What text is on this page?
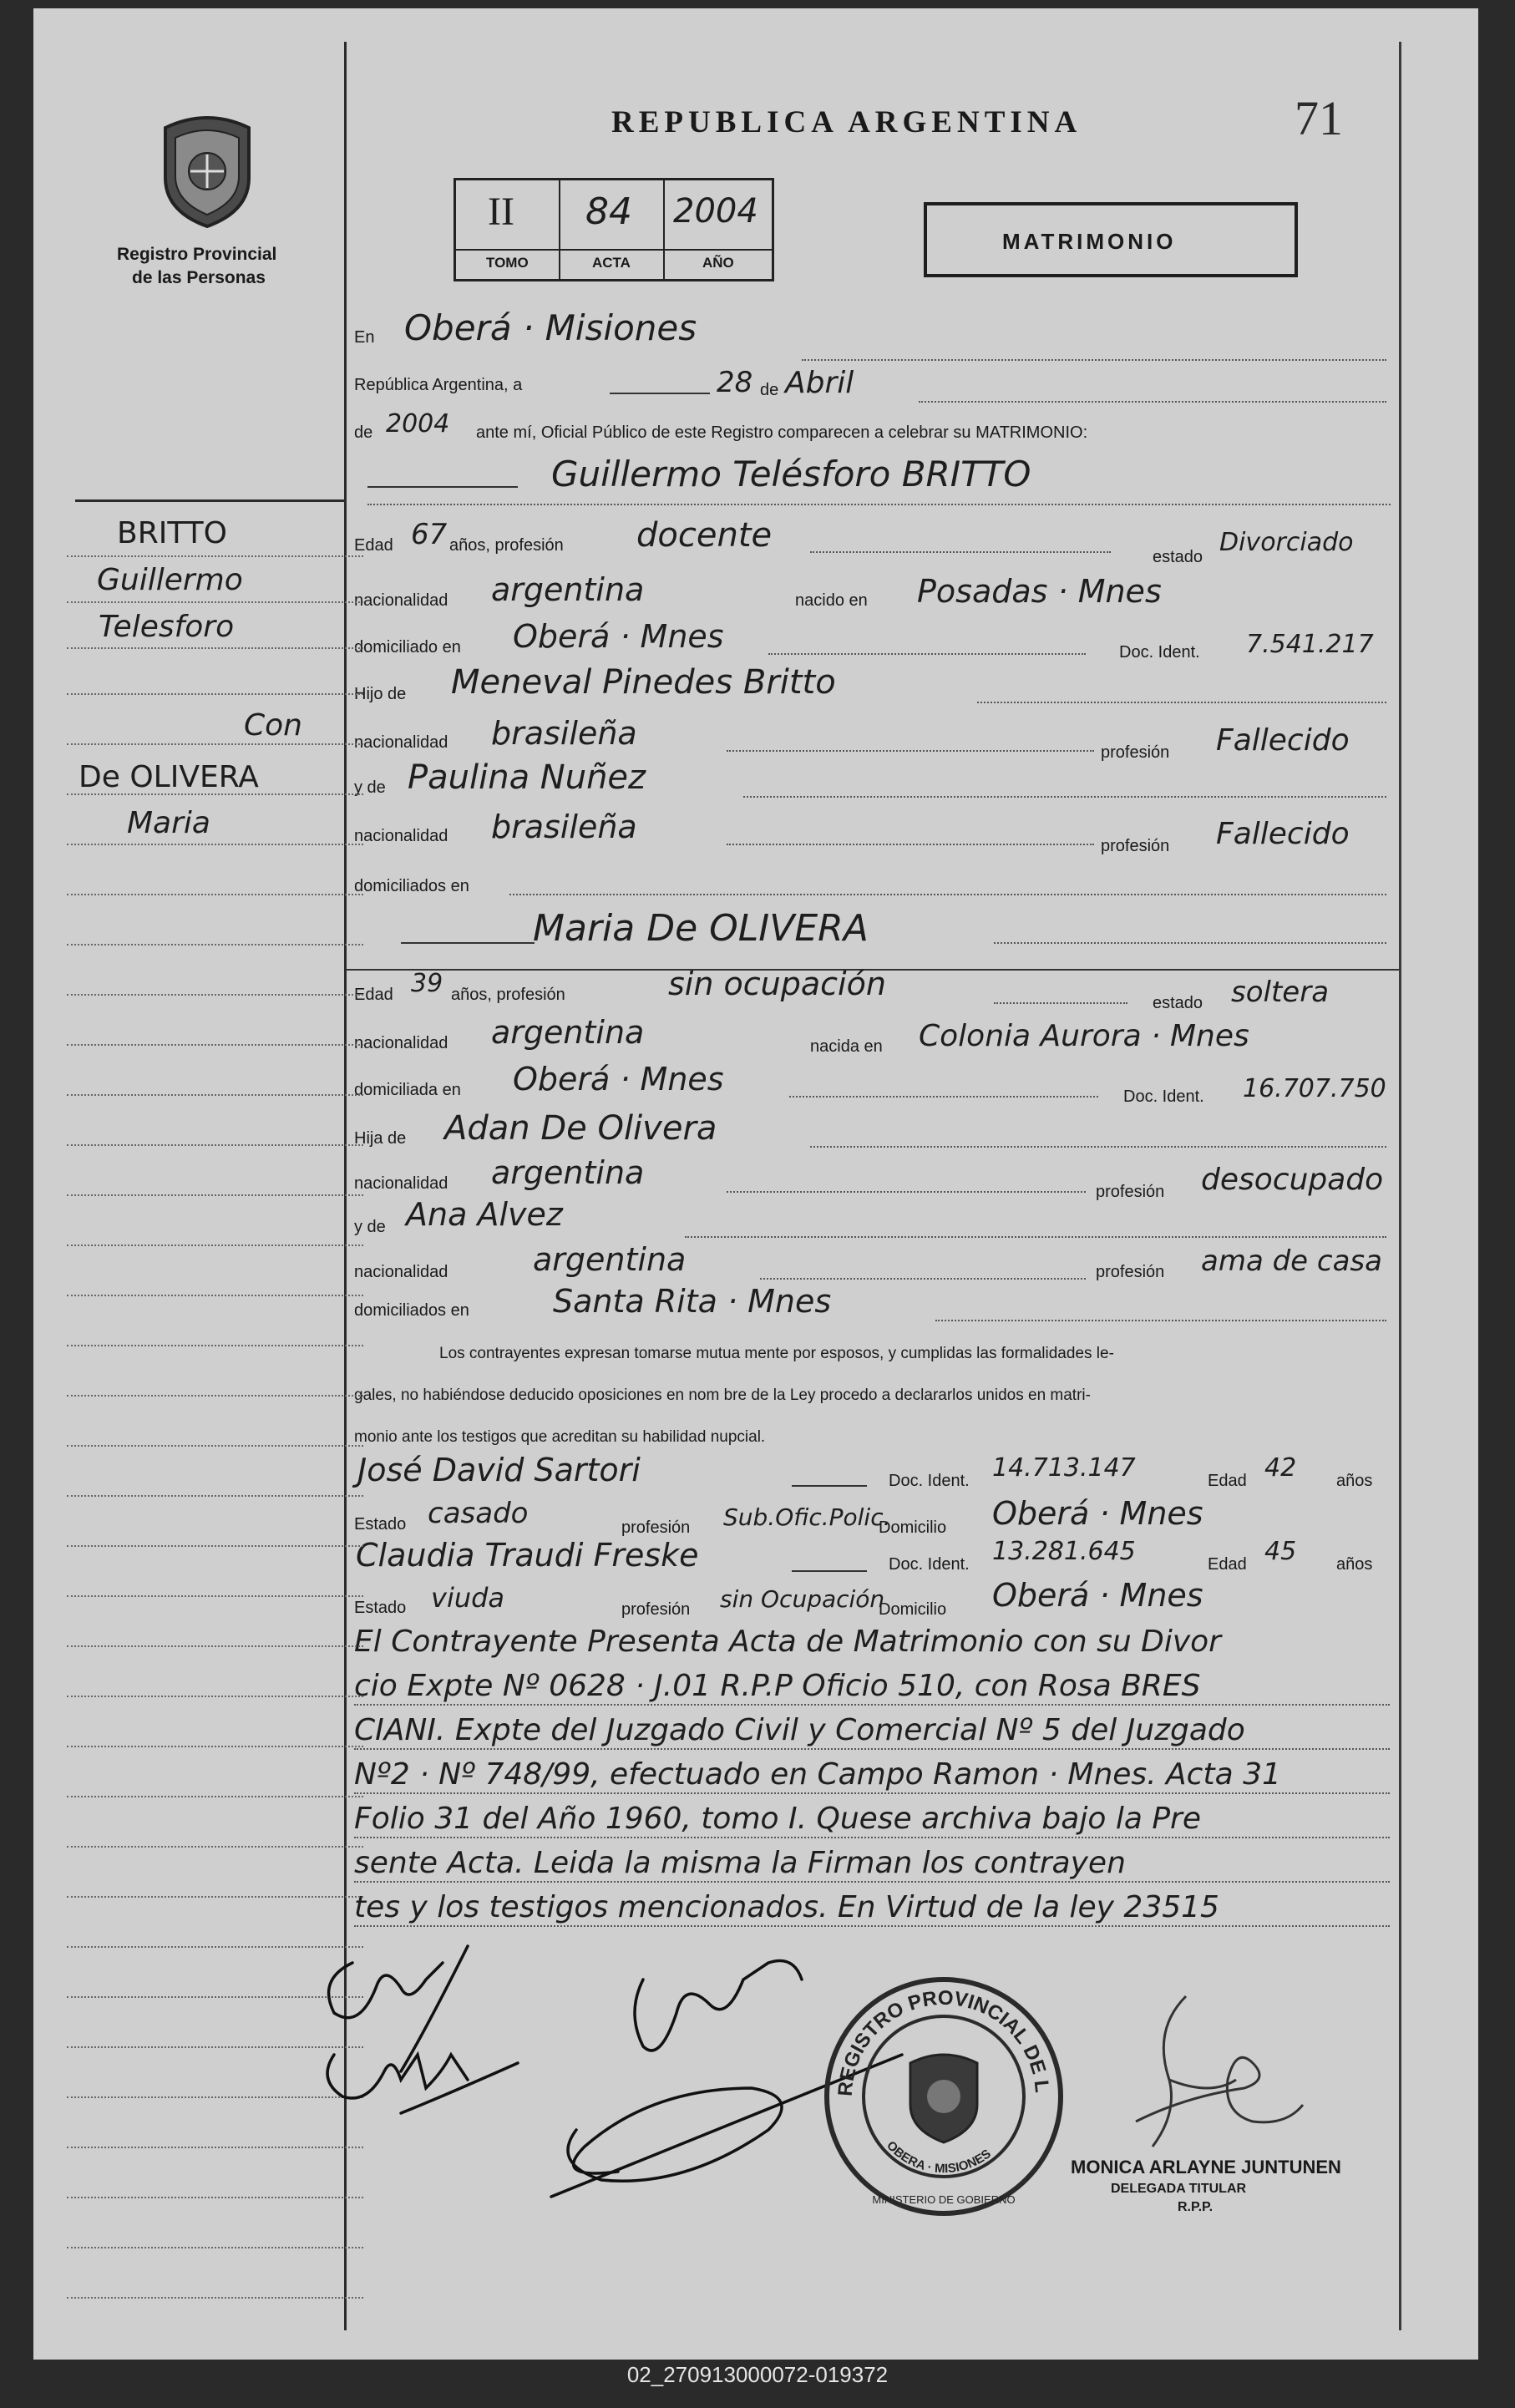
Registro Provincial
de las Personas
REPUBLICA ARGENTINA	71
II
TOMO
84
ACTA
2004
AÑO
MATRIMONIO
En Oberá · Misiones
República Argentina, a	28 de Abril
de 2004 ante mí, Oficial Público de este Registro comparecen a celebrar su MATRIMONIO:
Guillermo Telésforo BRITTO
Edad 67 años, profesión docente
estado Divorciado
nacionalidad argentina	nacido en Posadas · Mnes
domiciliado en Oberá · Mnes	Doc. Ident. 7.541.217
Hijo de Meneval Pinedes Britto
nacionalidad brasileña
profesión Fallecido
y de Paulina Nuñez
nacionalidad brasileña
profesión Fallecido
domiciliados en
Maria De OLIVERA
Edad 39 años, profesión	sin ocupación
estado soltera
nacionalidad argentina	nacida en Colonia Aurora · Mnes
domiciliada en Oberá · Mnes	Doc. Ident. 16.707.750
Hija de Adan De Olivera
nacionalidad argentina
profesión desocupado
y de Ana Alvez
nacionalidad	argentina	profesión ama de casa
domiciliados en	Santa Rita · Mnes
Los contrayentes expresan tomarse mutua mente por esposos, y cumplidas las formalidades le-
gales, no habiéndose deducido oposiciones en nom bre de la Ley procedo a declararlos unidos en matri-
monio ante los testigos que acreditan su habilidad nupcial.
José David Sartori	Doc. Ident. 14.713.147	Edad 42 años
Estado casado	profesión Sub.Ofic.Polic.
Domicilio Oberá · Mnes
Claudia Traudi Freske	Doc. Ident. 13.281.645	Edad 45 años
Estado viuda	profesión sin Ocupación
Domicilio Oberá · Mnes
El Contrayente Presenta Acta de Matrimonio con su Divor
cio Expte Nº 0628 · J.01 R.P.P Oficio 510, con Rosa BRES
CIANI. Expte del Juzgado Civil y Comercial Nº 5 del Juzgado
Nº2 · Nº 748/99, efectuado en Campo Ramon · Mnes. Acta 31
Folio 31 del Año 1960, tomo I. Quese archiva bajo la Pre
sente Acta. Leida la misma la Firman los contrayen
tes y los testigos mencionados. En Virtud de la ley 23515
BRITTO
Guillermo
Telesforo
Con
De OLIVERA
Maria
REGISTRO PROVINCIAL DE L
OBERA · MISIONES
MINISTERIO DE GOBIERNO
MONICA ARLAYNE JUNTUNEN
DELEGADA TITULAR
R.P.P.
02_270913000072-019372
